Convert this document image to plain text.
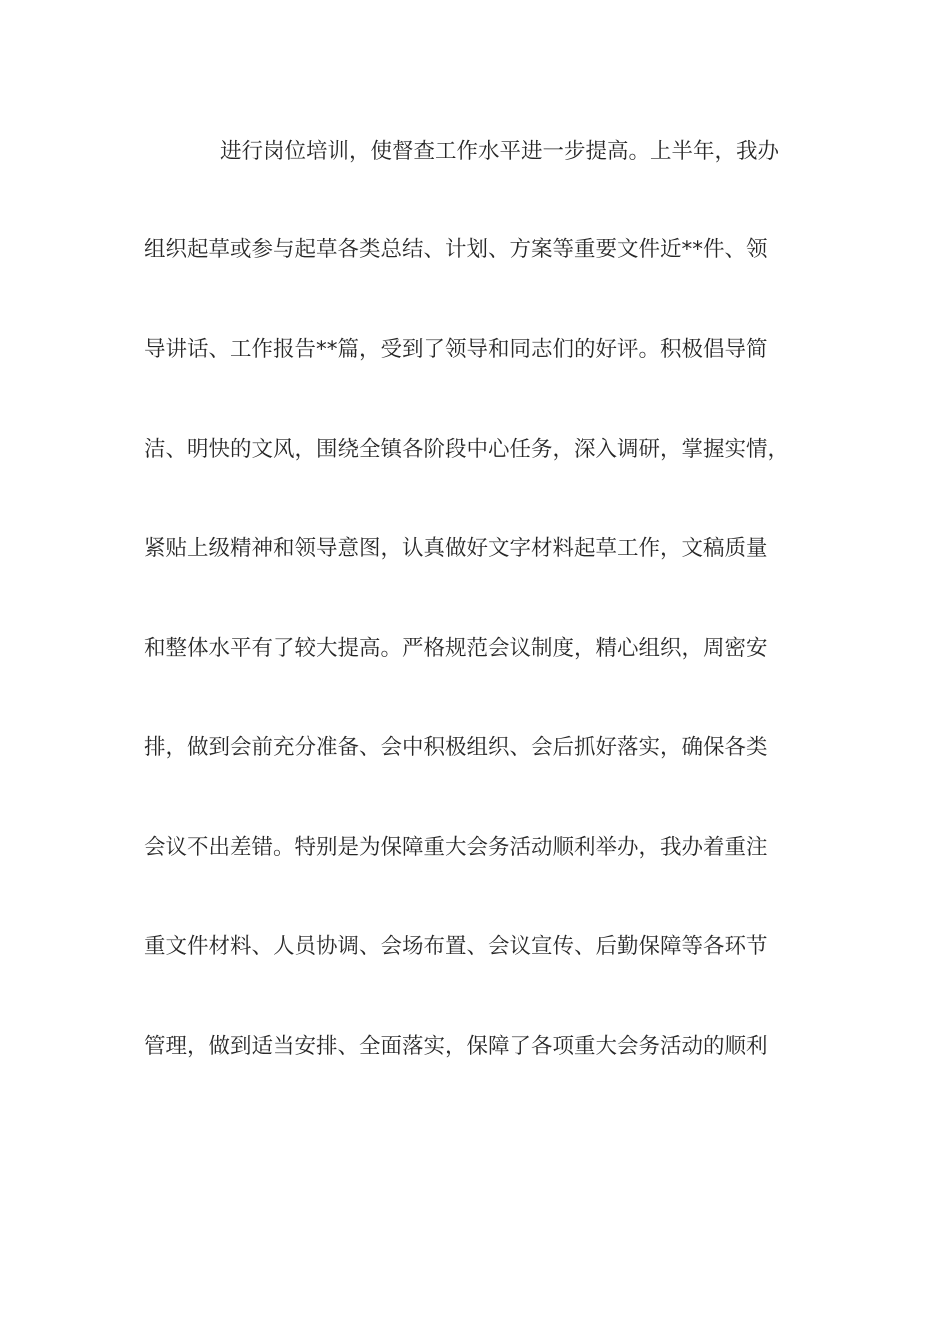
进行岗位培训，使督查工作水平进一步提高。上半年，我办
组织起草或参与起草各类总结、计划、方案等重要文件近**件、领
导讲话、工作报告**篇，受到了领导和同志们的好评。积极倡导简
洁、明快的文风，围绕全镇各阶段中心任务，深入调研，掌握实情，
紧贴上级精神和领导意图，认真做好文字材料起草工作，文稿质量
和整体水平有了较大提高。严格规范会议制度，精心组织，周密安
排，做到会前充分准备、会中积极组织、会后抓好落实，确保各类
会议不出差错。特别是为保障重大会务活动顺利举办，我办着重注
重文件材料、人员协调、会场布置、会议宣传、后勤保障等各环节
管理，做到适当安排、全面落实，保障了各项重大会务活动的顺利
